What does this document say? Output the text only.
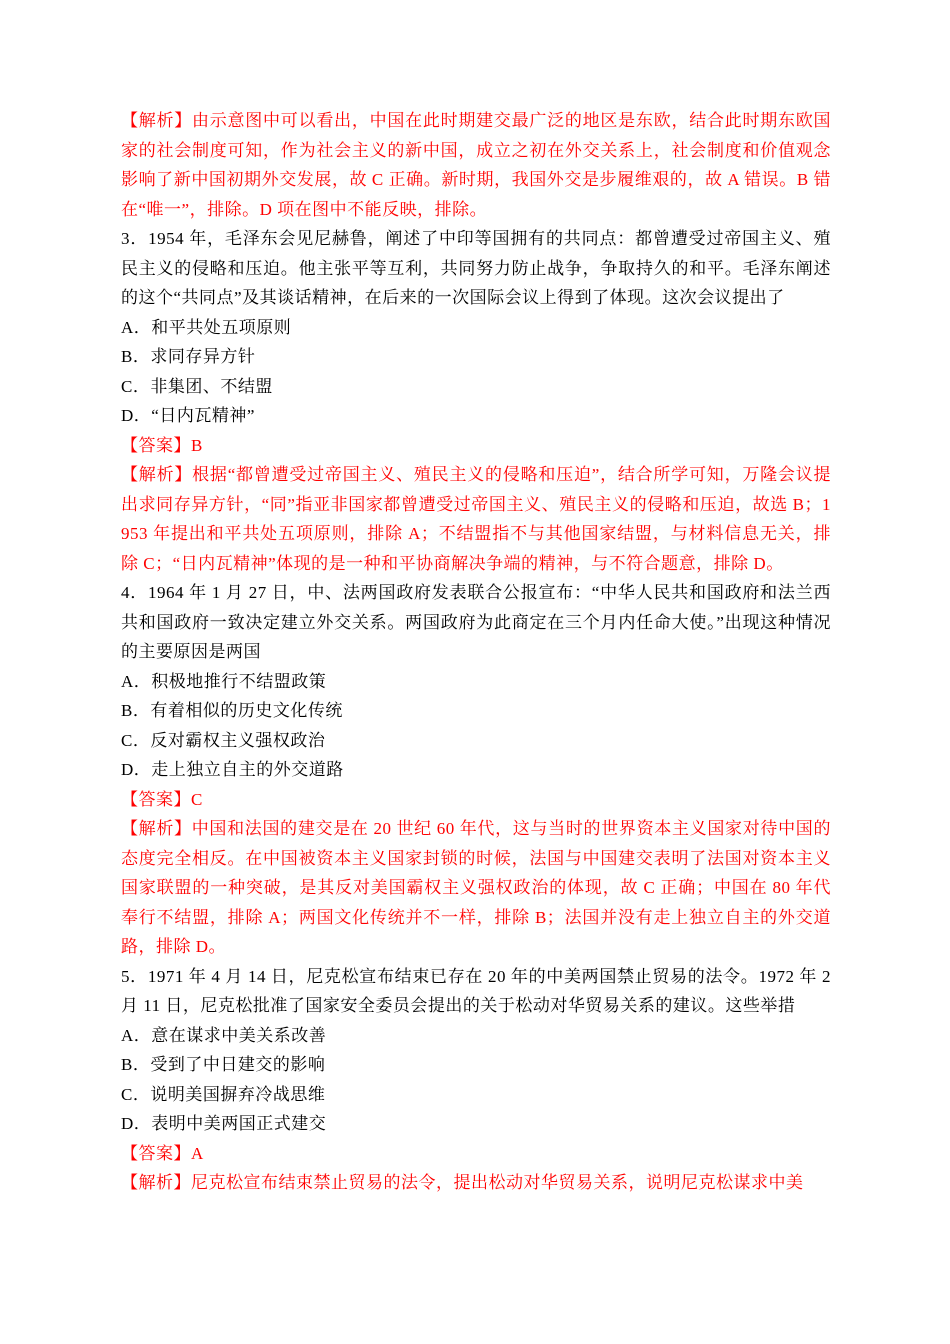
【解析】由示意图中可以看出，中国在此时期建交最广泛的地区是东欧，结合此时期东欧国家的社会制度可知，作为社会主义的新中国，成立之初在外交关系上，社会制度和价值观念影响了新中国初期外交发展，故 C 正确。新时期，我国外交是步履维艰的，故 A 错误。B 错在“唯一”，排除。D 项在图中不能反映，排除。

3．1954 年，毛泽东会见尼赫鲁，阐述了中印等国拥有的共同点：都曾遭受过帝国主义、殖民主义的侵略和压迫。他主张平等互利，共同努力防止战争，争取持久的和平。毛泽东阐述的这个“共同点”及其谈话精神，在后来的一次国际会议上得到了体现。这次会议提出了

A．和平共处五项原则

B．求同存异方针

C．非集团、不结盟

D．“日内瓦精神”

【答案】B

【解析】根据“都曾遭受过帝国主义、殖民主义的侵略和压迫”，结合所学可知，万隆会议提出求同存异方针，“同”指亚非国家都曾遭受过帝国主义、殖民主义的侵略和压迫，故选 B；1953 年提出和平共处五项原则，排除 A；不结盟指不与其他国家结盟，与材料信息无关，排除 C；“日内瓦精神”体现的是一种和平协商解决争端的精神，与不符合题意，排除 D。

4．1964 年 1 月 27 日，中、法两国政府发表联合公报宣布：“中华人民共和国政府和法兰西共和国政府一致决定建立外交关系。两国政府为此商定在三个月内任命大使。”出现这种情况的主要原因是两国

A．积极地推行不结盟政策

B．有着相似的历史文化传统

C．反对霸权主义强权政治

D．走上独立自主的外交道路

【答案】C

【解析】中国和法国的建交是在 20 世纪 60 年代，这与当时的世界资本主义国家对待中国的态度完全相反。在中国被资本主义国家封锁的时候，法国与中国建交表明了法国对资本主义国家联盟的一种突破，是其反对美国霸权主义强权政治的体现，故 C 正确；中国在 80 年代奉行不结盟，排除 A；两国文化传统并不一样，排除 B；法国并没有走上独立自主的外交道路，排除 D。

5．1971 年 4 月 14 日，尼克松宣布结束已存在 20 年的中美两国禁止贸易的法令。1972 年 2 月 11 日，尼克松批准了国家安全委员会提出的关于松动对华贸易关系的建议。这些举措

A．意在谋求中美关系改善

B．受到了中日建交的影响

C．说明美国摒弃冷战思维

D．表明中美两国正式建交

【答案】A

【解析】尼克松宣布结束禁止贸易的法令，提出松动对华贸易关系，说明尼克松谋求中美
